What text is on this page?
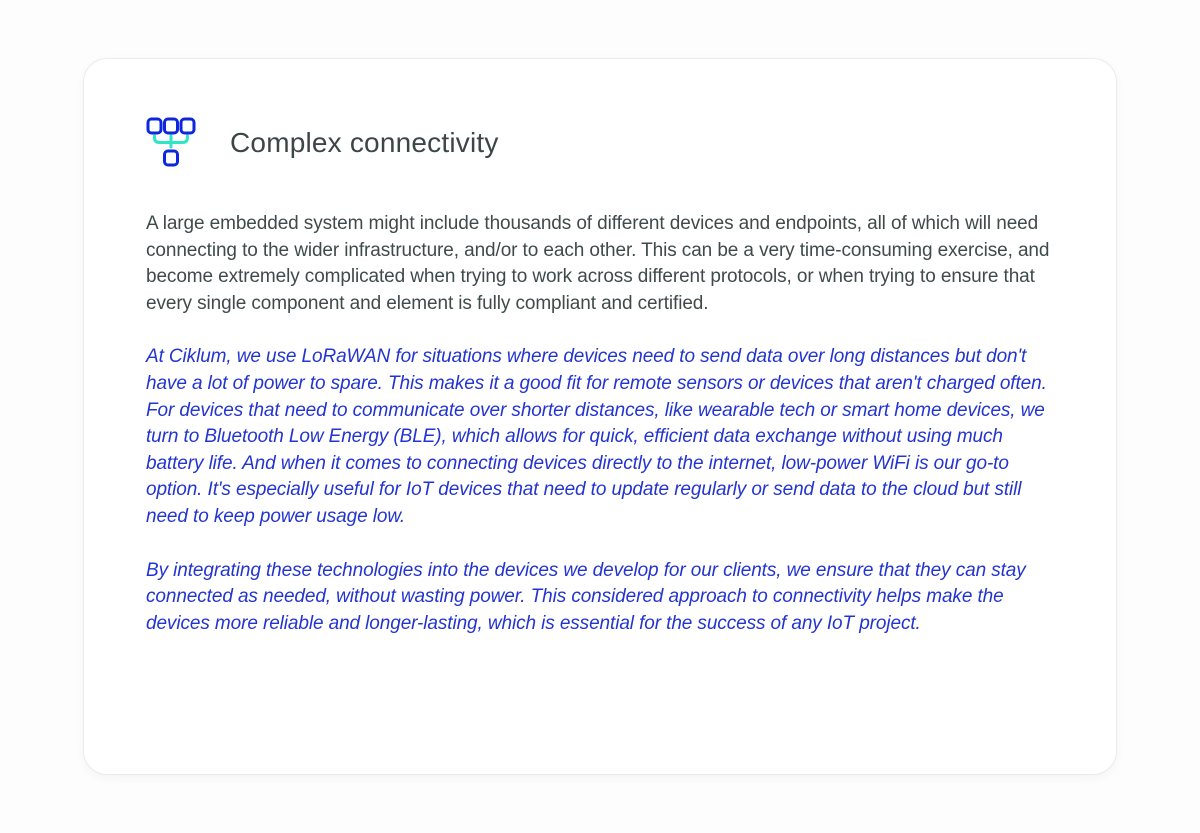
Complex connectivity

A large embedded system might include thousands of different devices and endpoints, all of which will need connecting to the wider infrastructure, and/or to each other. This can be a very time-consuming exercise, and become extremely complicated when trying to work across different protocols, or when trying to ensure that every single component and element is fully compliant and certified.

At Ciklum, we use LoRaWAN for situations where devices need to send data over long distances but don't have a lot of power to spare. This makes it a good fit for remote sensors or devices that aren't charged often. For devices that need to communicate over shorter distances, like wearable tech or smart home devices, we turn to Bluetooth Low Energy (BLE), which allows for quick, efficient data exchange without using much battery life. And when it comes to connecting devices directly to the internet, low-power WiFi is our go-to option. It's especially useful for IoT devices that need to update regularly or send data to the cloud but still need to keep power usage low.

By integrating these technologies into the devices we develop for our clients, we ensure that they can stay connected as needed, without wasting power. This considered approach to connectivity helps make the devices more reliable and longer-lasting, which is essential for the success of any IoT project.
